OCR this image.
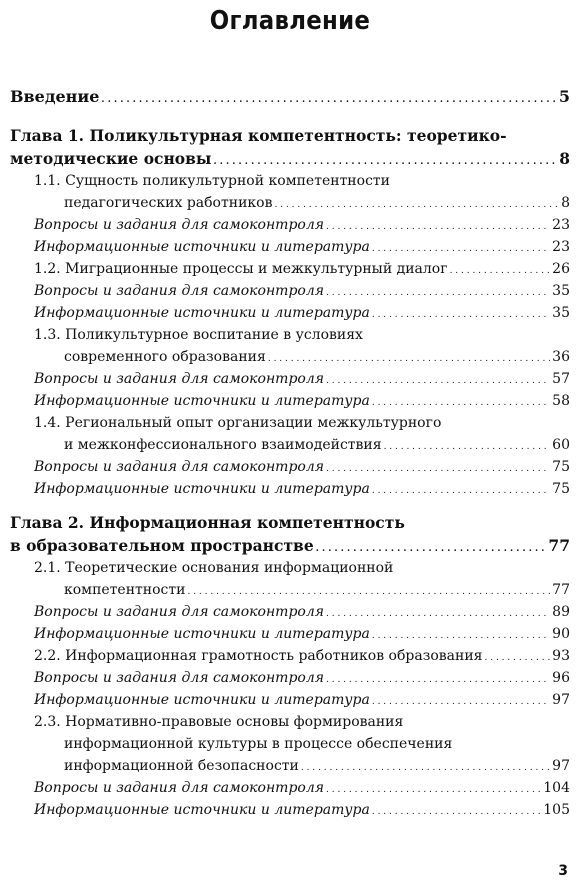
Оглавление
Введение . . .	5
Глава 1. Поликультурная компетентность: теоретико-
методические основы . . .	8
1.1. Сущность поликультурной компетентности
педагогических работников . . .	8
Вопросы и задания для самоконтроля . . .	23
Информационные источники и литература . . .	23
1.2. Миграционные процессы и межкультурный диалог . . .	26
Вопросы и задания для самоконтроля . . .	35
Информационные источники и литература . . .	35
1.3. Поликультурное воспитание в условиях
современного образования . . .	36
Вопросы и задания для самоконтроля . . .	57
Информационные источники и литература . . .	58
1.4. Региональный опыт организации межкультурного
и межконфессионального взаимодействия . . .	60
Вопросы и задания для самоконтроля . . .	75
Информационные источники и литература . . .	75
Глава 2. Информационная компетентность
в образовательном пространстве . . .	77
2.1. Теоретические основания информационной
компетентности . . .	77
Вопросы и задания для самоконтроля . . .	89
Информационные источники и литература . . .	90
2.2. Информационная грамотность работников образования . . .	93
Вопросы и задания для самоконтроля . . .	96
Информационные источники и литература . . .	97
2.3. Нормативно-правовые основы формирования
информационной культуры в процессе обеспечения
информационной безопасности . . .	97
Вопросы и задания для самоконтроля . . .	104
Информационные источники и литература . . .	105
3
